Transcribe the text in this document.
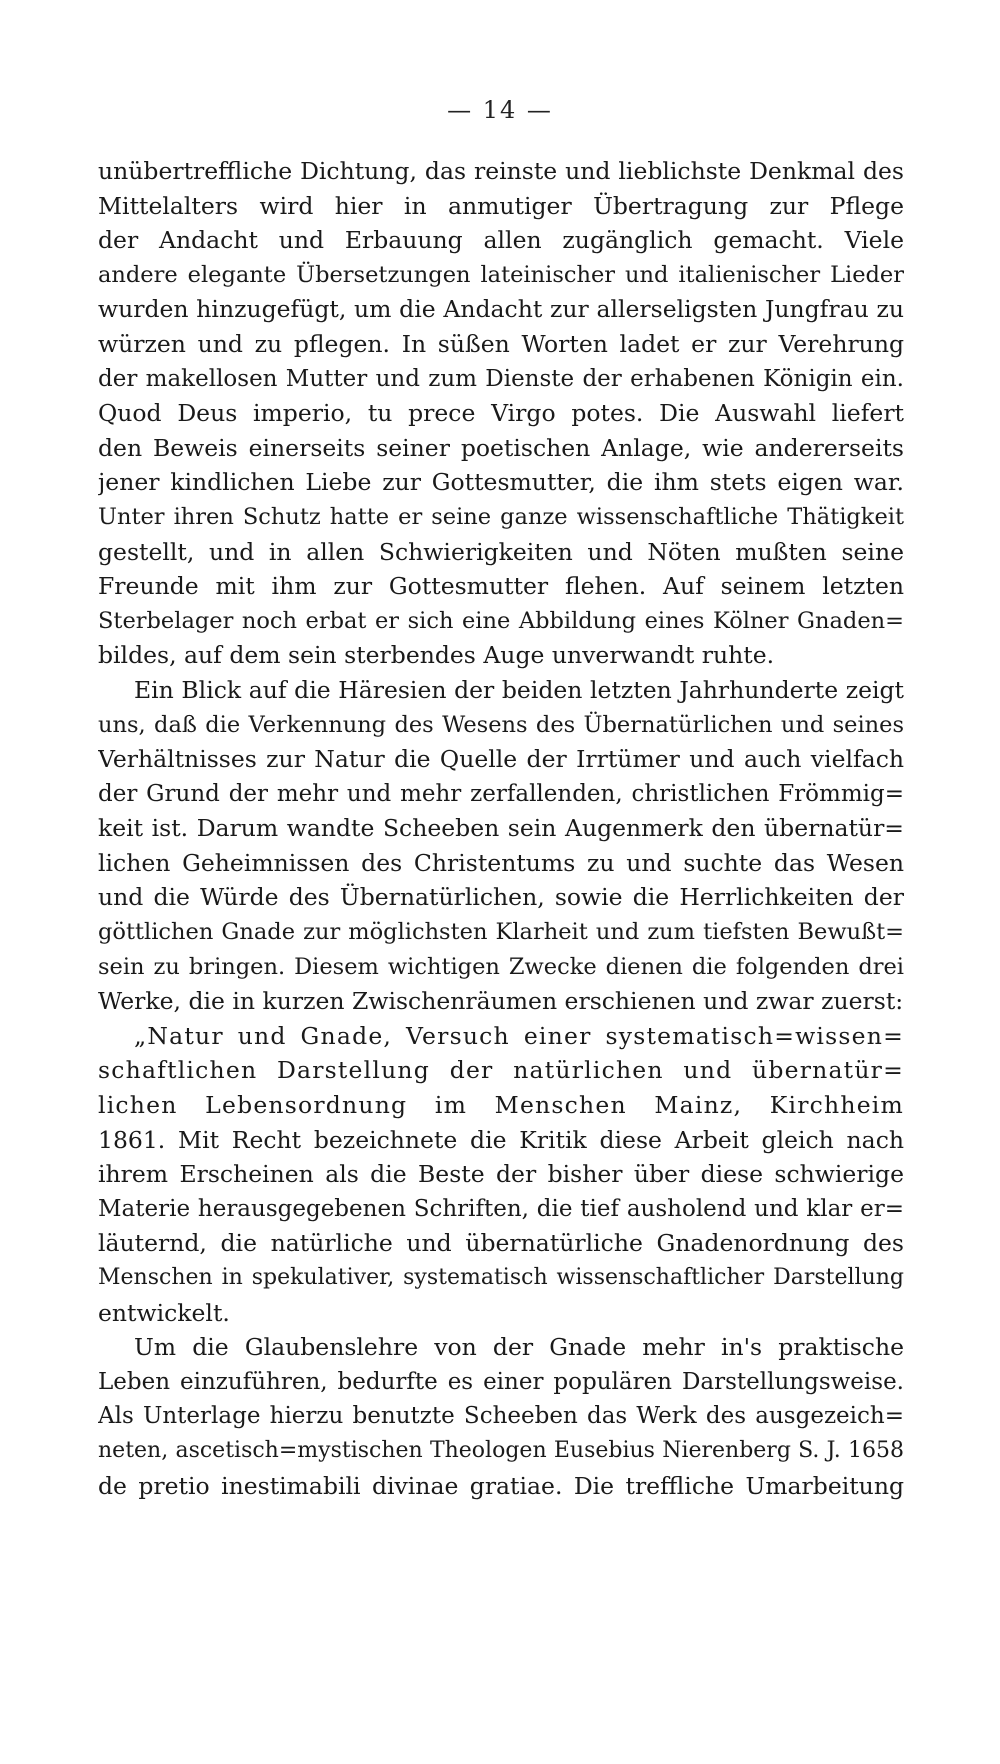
— 14 —
unübertreffliche Dichtung, das reinste und lieblichste Denkmal des
Mittelalters wird hier in anmutiger Übertragung zur Pflege
der Andacht und Erbauung allen zugänglich gemacht. Viele
andere elegante Übersetzungen lateinischer und italienischer Lieder
wurden hinzugefügt, um die Andacht zur allerseligsten Jungfrau zu
würzen und zu pflegen. In süßen Worten ladet er zur Verehrung
der makellosen Mutter und zum Dienste der erhabenen Königin ein.
Quod Deus imperio, tu prece Virgo potes. Die Auswahl liefert
den Beweis einerseits seiner poetischen Anlage, wie andererseits
jener kindlichen Liebe zur Gottesmutter, die ihm stets eigen war.
Unter ihren Schutz hatte er seine ganze wissenschaftliche Thätigkeit
gestellt, und in allen Schwierigkeiten und Nöten mußten seine
Freunde mit ihm zur Gottesmutter flehen. Auf seinem letzten
Sterbelager noch erbat er sich eine Abbildung eines Kölner Gnaden=
bildes, auf dem sein sterbendes Auge unverwandt ruhte.
Ein Blick auf die Häresien der beiden letzten Jahrhunderte zeigt
uns, daß die Verkennung des Wesens des Übernatürlichen und seines
Verhältnisses zur Natur die Quelle der Irrtümer und auch vielfach
der Grund der mehr und mehr zerfallenden, christlichen Frömmig=
keit ist. Darum wandte Scheeben sein Augenmerk den übernatür=
lichen Geheimnissen des Christentums zu und suchte das Wesen
und die Würde des Übernatürlichen, sowie die Herrlichkeiten der
göttlichen Gnade zur möglichsten Klarheit und zum tiefsten Bewußt=
sein zu bringen. Diesem wichtigen Zwecke dienen die folgenden drei
Werke, die in kurzen Zwischenräumen erschienen und zwar zuerst:
„Natur und Gnade, Versuch einer systematisch=wissen=
schaftlichen Darstellung der natürlichen und übernatür=
lichen Lebensordnung im Menschen Mainz, Kirchheim
1861. Mit Recht bezeichnete die Kritik diese Arbeit gleich nach
ihrem Erscheinen als die Beste der bisher über diese schwierige
Materie herausgegebenen Schriften, die tief ausholend und klar er=
läuternd, die natürliche und übernatürliche Gnadenordnung des
Menschen in spekulativer, systematisch wissenschaftlicher Darstellung
entwickelt.
Um die Glaubenslehre von der Gnade mehr in's praktische
Leben einzuführen, bedurfte es einer populären Darstellungsweise.
Als Unterlage hierzu benutzte Scheeben das Werk des ausgezeich=
neten, ascetisch=mystischen Theologen Eusebius Nierenberg S. J. 1658
de pretio inestimabili divinae gratiae. Die treffliche Umarbeitung
